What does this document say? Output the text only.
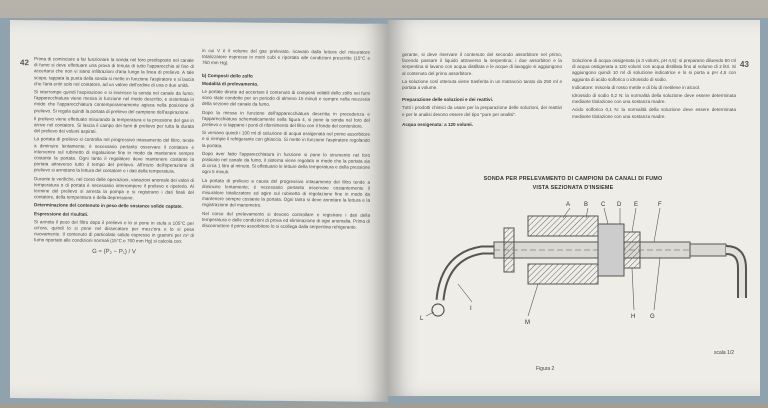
42 Prima di cominciare a far funzionare la sonda nel foro predisposto nel canale di fumo si deve effettuare una prova di tenuta di tutto l'apparecchio al fine di accertarsi che non vi siano infiltrazioni d'aria lungo la linea di prelievo. A tale scopo, tappata la punta della sonda si mette in funzione l'aspiratore e si lascia che l'aria entri solo nel contatore, ad un valore dell'ordine di una o due unità.

Si interrompe quindi l'aspirazione e si inserisce la sonda nel canale da fumo; l'apparecchiatura viene messa in funzione nel modo descritto, e sistemata in modo che l'apparecchiatura contemporaneamente agisca nella posizione di prelievo. Si regola quindi la portata di prelievo del campione dell'aspirazione.

Il prelievo viene effettuato misurando la temperatura e la pressione del gas in arrivo nel contatore. Si lascia il campo dei fumi di prelievo per tutta la durata del prelievo dei volumi aspirati.

La portata di prelievo si controlla nel progressivo intasamento del filtro, tende a diminuire lentamente; è necessario pertanto osservare il contatore e intervenire sul rubinetto di regolazione fine in modo da mantenere sempre costante la portata. Ogni tanto il regolatore deve mantenere costante la portata attraverso tutto il tempo del prelievo. All'inizio dell'operazione di prelievo si annotano la lettura del contatore e i dati della temperatura.

Durante le verifiche, nel corso delle operazioni, variazioni anomale dei valori di temperatura o di portata è necessario interrompere il prelievo e ripeterlo. Al termine del prelievo si arresta la pompa e si registrano i dati finali del contatore, della temperatura e della depressione.

Determinazione del contenuto in peso delle sostanze solide captate.

Espressione dei risultati.

Si annota il peso del filtro dopo il prelievo e lo si pone in stufa a 105°C per un'ora, quindi lo si pone nel dissecatore per mezz'ora e lo si pesa nuovamente. Il contenuto di particolato solido espresso in grammi per m³ di fumo riportato alle condizioni normali (15°C e 760 mm Hg) si calcola con:

G = (P₂ − P₁) / V

in cui V è il volume del gas prelevato, ricavato dalla lettura del misuratore totalizzatore espresso in metri cubi e riportato alle condizioni prescritte (15°C e 760 mm Hg).

b) Composti dello zolfo

Modalità di prelevamento.

Le portate dirette ad accertare il contenuto di composti volatili dello zolfo nei fumi sono state condotte per un periodo di almeno 15 minuti e sempre nella mezzeria della sezione del canale da fumo.

Dopo la messa in funzione dell'apparecchiatura descritta in precedenza e l'apparecchiatura schematicamente nella figura 4, si pone la sonda nel foro del prelievo e si tappano i punti di rifornimento del filtro con il fondo del contenitore.

Si versano quindi i 100 ml di soluzione di acqua ossigenata nel primo assorbitore e si riempie il refrigerante con ghiaccio. Si mette in funzione l'aspiratore regolando la portata.

Dopo aver fatto l'apparecchiatura in funzione si pone lo strumento nel foro praticato nel canale da fumo, il sistema viene regolato in modo che la portata sia di circa 1 litro al minuto. Si effettuano le letture della temperatura e della pressione ogni 5 minuti.

La portata di prelievo a causa del progressivo intasamento del filtro tende a diminuire lentamente; è necessario pertanto osservare costantemente il misuratore totalizzatore ed agire sul rubinetto di regolazione fine in modo da mantenere sempre costante la portata. Ogni tanto si deve annotare la lettura e la registrazione del manometro.

Nel corso del prelevamento si devono controllare e registrare i dati della temperatura e delle condizioni di prova ed eliminazione di ogni anomalia. Prima di disconnettere il primo assorbitore lo si scollega dalla serpentina refrigerante.

43

gerante, si deve riservare il contenuto del secondo assorbitore nel primo, facendo passare il liquido attraverso la serpentina; i due assorbitori e la serpentina si lavano con acqua distillata e le acque di lavaggio si aggiungono al contenuto del primo assorbitore.

La soluzione così ottenuta viene trasferita in un matraccio tarato da 250 ml e portata a volume.

Preparazione delle soluzioni e dei reattivi.

Tutti i prodotti chimici da usare per la preparazione delle soluzioni, dei reattivi e per le analisi devono essere del tipo "pure per analisi".

Acqua ossigenata: a 120 volumi.

Soluzione di acqua ossigenata (a 3 volumi, pH 4,5): si preparano diluendo 50 ml di acqua ossigenata a 120 volumi con acqua distillata fino al volume di 2 litri. Si aggiungono quindi 10 ml di soluzione indicatrice e lo si porta a pH 4,5 con aggiunta di acido solforico o idrossido di sodio.

Indicatore: miscela di rosso metile e di blu di metilene in alcool.

Idrossido di sodio 0,2 N: la normalità della soluzione deve essere determinata mediante titolazione con una sostanza madre.

Acido solforico 0,1 N: la normalità della soluzione deve essere determinata mediante titolazione con una sostanza madre.

SONDA PER PRELEVAMENTO DI CAMPIONI DA CANALI DI FUMO
VISTA SEZIONATA D'INSIEME
A B C D E	F
G
H
I
L
M
Figura 2
scala 1/2
